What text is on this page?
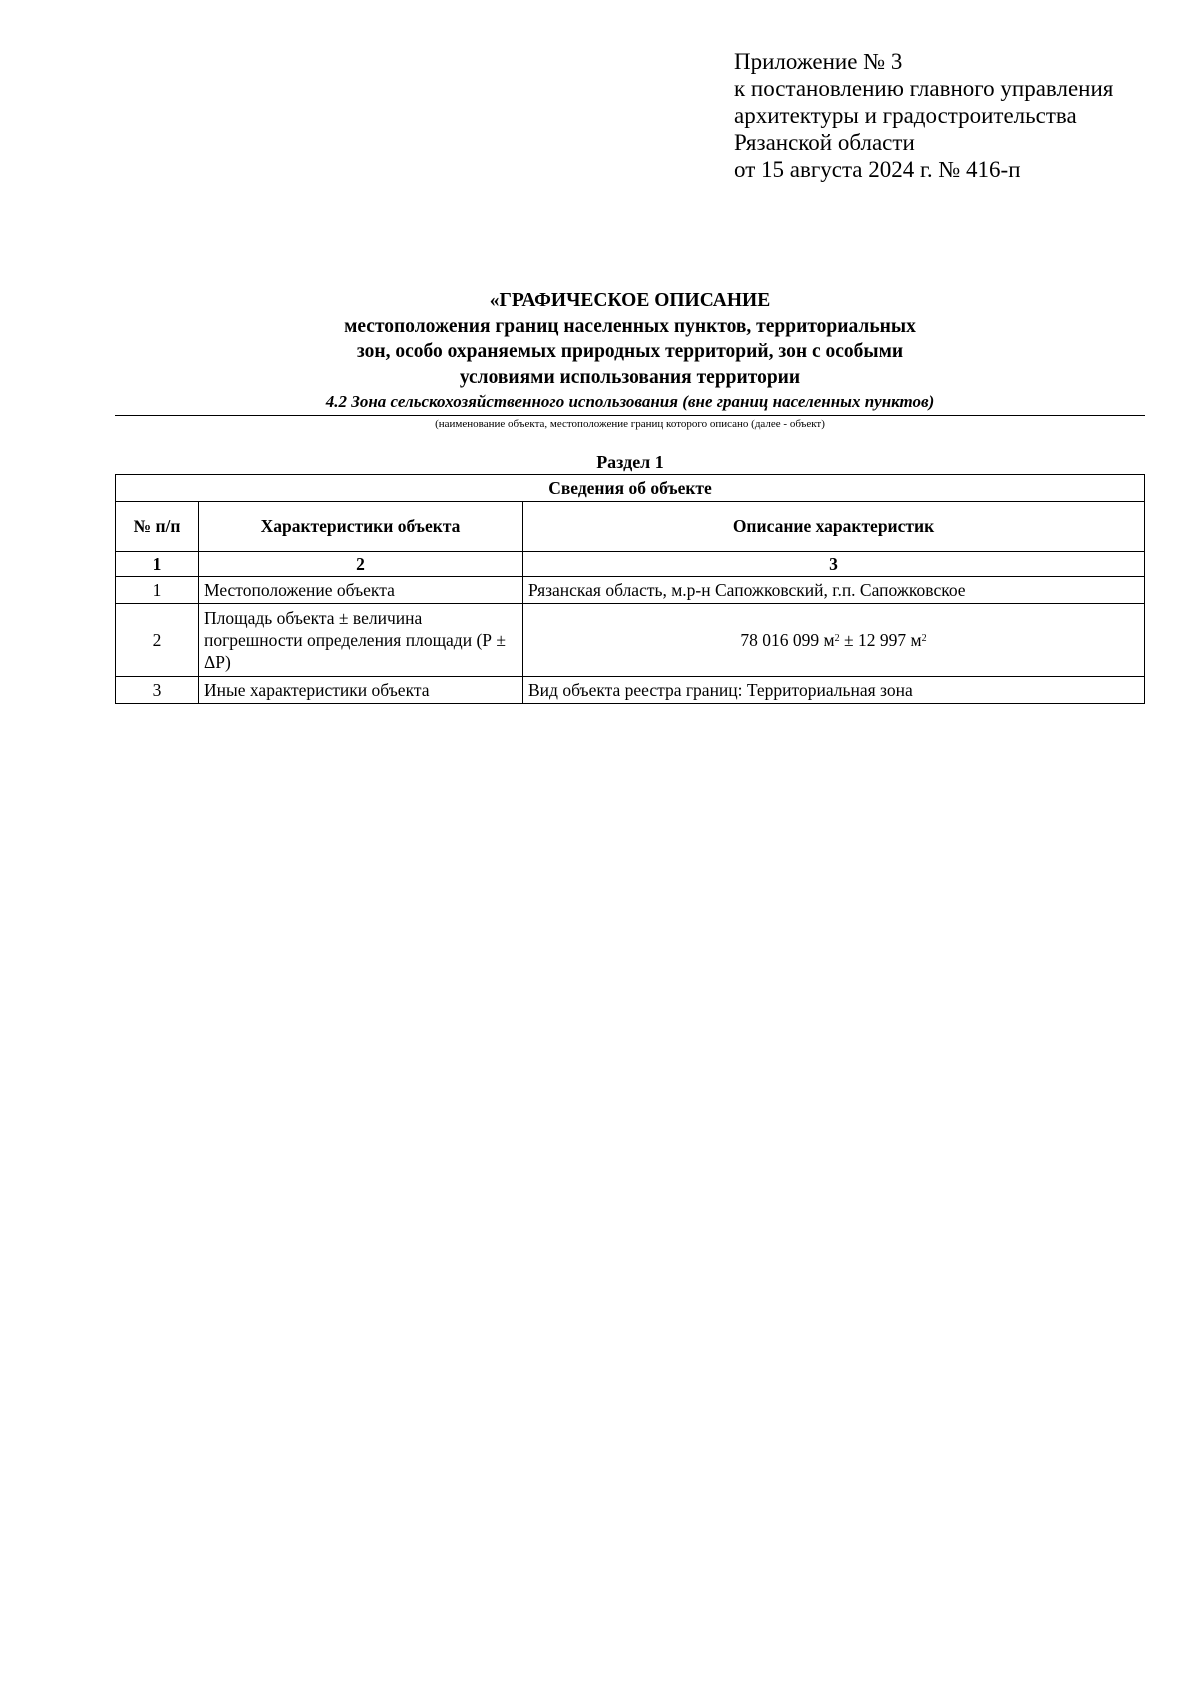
Приложение № 3
к постановлению главного управления
архитектуры и градостроительства
Рязанской области
от 15 августа 2024 г. № 416-п
«ГРАФИЧЕСКОЕ ОПИСАНИЕ
местоположения границ населенных пунктов, территориальных
зон, особо охраняемых природных территорий, зон с особыми
условиями использования территории
4.2 Зона сельскохозяйственного использования (вне границ населенных пунктов)
(наименование объекта, местоположение границ которого описано (далее - объект)
Раздел 1
Сведения об объекте		
№ п/п	Характеристики объекта	Описание характеристик
1	2	3
1	Местоположение объекта	Рязанская область, м.р-н Сапожковский, г.п. Сапожковское
2	Площадь объекта ± величина погрешности определения площади (Р ± ΔР)	78 016 099 $м^2 \pm 12$ 997 $м^2$
3	Иные характеристики объекта	Вид объекта реестра границ: Территориальная зона
